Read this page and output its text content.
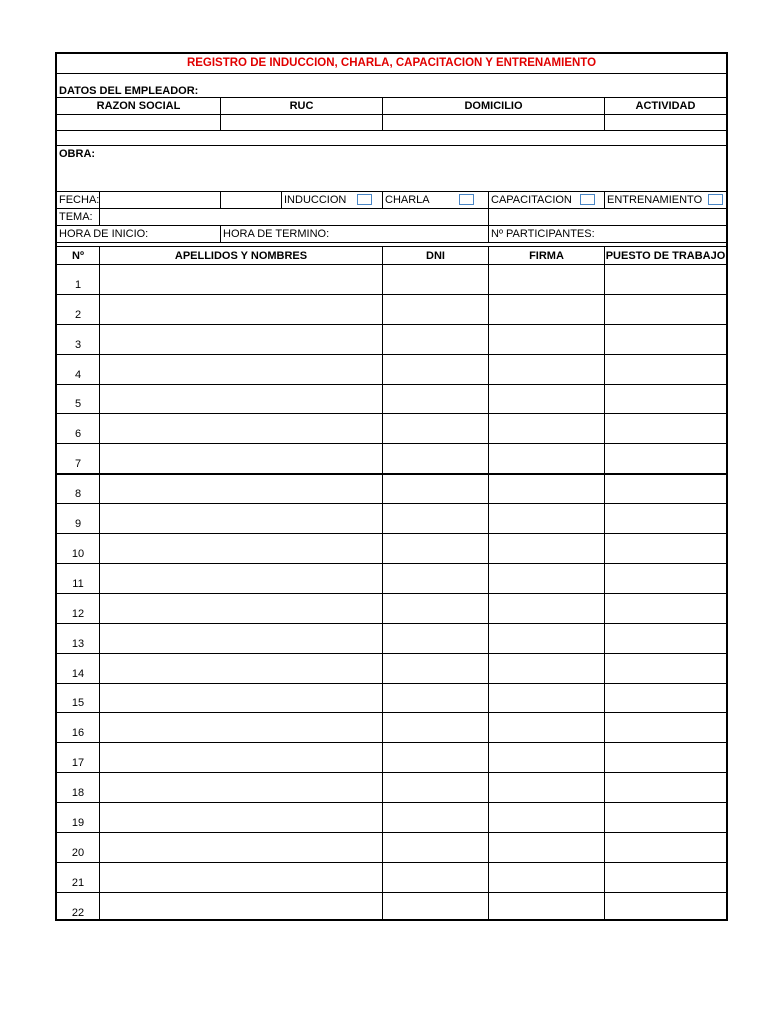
REGISTRO DE INDUCCION, CHARLA, CAPACITACION Y ENTRENAMIENTO
DATOS DEL EMPLEADOR:
RAZON SOCIAL	RUC	DOMICILIO	ACTIVIDAD
OBRA:
FECHA:	INDUCCION	CHARLA	CAPACITACION	ENTRENAMIENTO
TEMA:
HORA DE INICIO:	HORA DE TERMINO:	Nº PARTICIPANTES:
Nº	APELLIDOS Y NOMBRES	DNI	FIRMA	PUESTO DE TRABAJO
1
2
3
4
5
6
7
8
9
10
11
12
13
14
15
16
17
18
19
20
21
22
